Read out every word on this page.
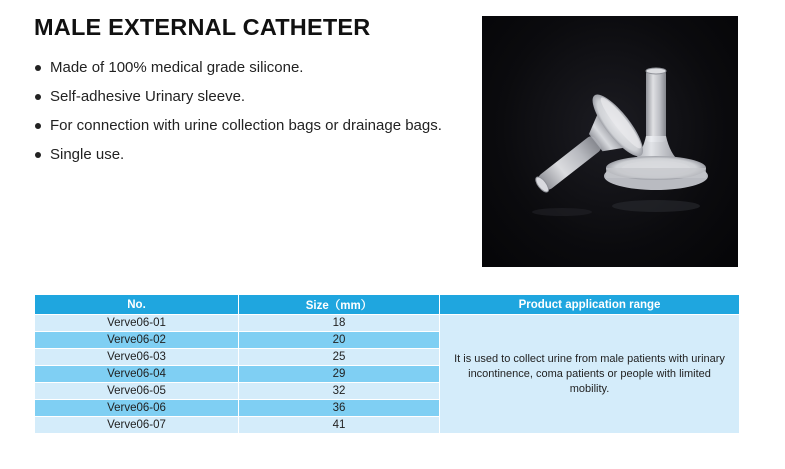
MALE EXTERNAL CATHETER
Made of 100% medical grade silicone.
Self-adhesive Urinary sleeve.
For connection with urine collection bags or drainage bags.
Single use.
No.	Size（mm）	Product application range
Verve06-01	18	It is used to collect urine from male patients with urinary incontinence, coma patients or people with limited mobility.
Verve06-02	20	
Verve06-03	25	
Verve06-04	29	
Verve06-05	32	
Verve06-06	36	
Verve06-07	41	
